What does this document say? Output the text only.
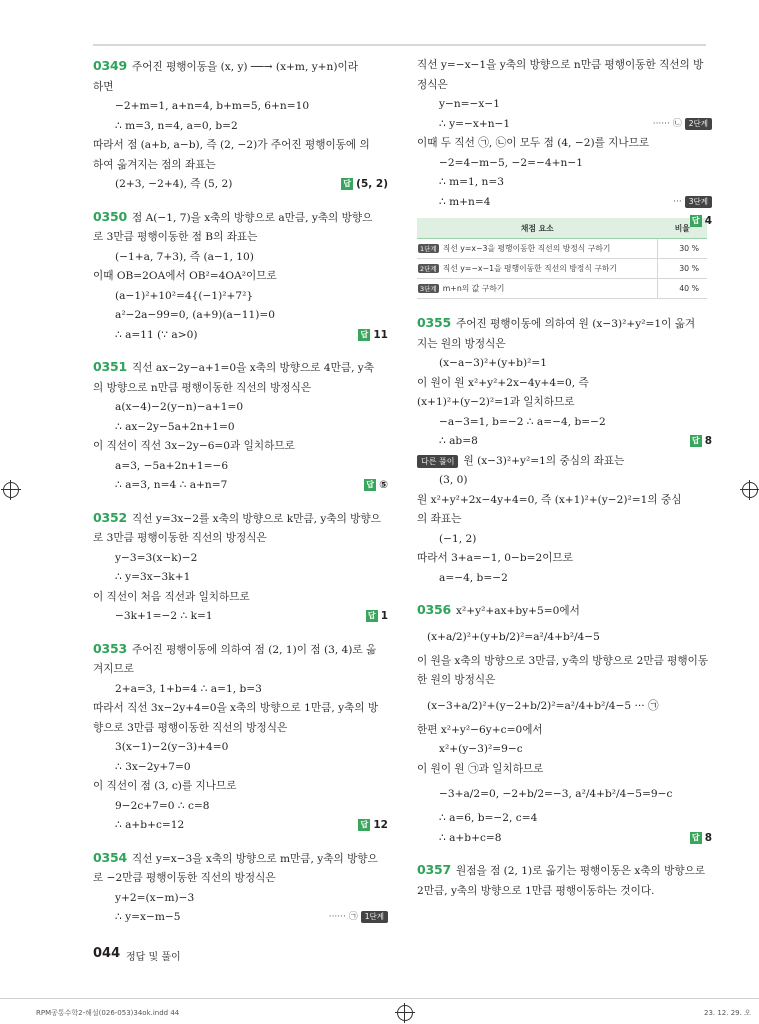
0349 주어진 평행이동을 (x, y) ──→ (x+m, y+n)이라
하면
−2+m=1, a+n=4, b+m=5, 6+n=10
∴ m=3, n=4, a=0, b=2
따라서 점 (a+b, a−b), 즉 (2, −2)가 주어진 평행이동에 의
하여 옮겨지는 점의 좌표는
(2+3, −2+4), 즉 (5, 2)	답 (5, 2)
0350 점 A(−1, 7)을 x축의 방향으로 a만큼, y축의 방향으
로 3만큼 평행이동한 점 B의 좌표는
(−1+a, 7+3), 즉 (a−1, 10)
이때 OB=2OA에서 OB²=4OA²이므로
(a−1)²+10²=4{(−1)²+7²}
a²−2a−99=0, (a+9)(a−11)=0
∴ a=11 (∵ a>0)	답 11
0351 직선 ax−2y−a+1=0을 x축의 방향으로 4만큼, y축
의 방향으로 n만큼 평행이동한 직선의 방정식은
a(x−4)−2(y−n)−a+1=0
∴ ax−2y−5a+2n+1=0
이 직선이 직선 3x−2y−6=0과 일치하므로
a=3, −5a+2n+1=−6
∴ a=3, n=4 ∴ a+n=7	답 ⑤
0352 직선 y=3x−2를 x축의 방향으로 k만큼, y축의 방향으
로 3만큼 평행이동한 직선의 방정식은
y−3=3(x−k)−2
∴ y=3x−3k+1
이 직선이 처음 직선과 일치하므로
−3k+1=−2 ∴ k=1	답 1
0353 주어진 평행이동에 의하여 점 (2, 1)이 점 (3, 4)로 옮
겨지므로
2+a=3, 1+b=4 ∴ a=1, b=3
따라서 직선 3x−2y+4=0을 x축의 방향으로 1만큼, y축의 방
향으로 3만큼 평행이동한 직선의 방정식은
3(x−1)−2(y−3)+4=0
∴ 3x−2y+7=0
이 직선이 점 (3, c)를 지나므로
9−2c+7=0 ∴ c=8
∴ a+b+c=12	답 12
0354 직선 y=x−3을 x축의 방향으로 m만큼, y축의 방향으
로 −2만큼 평행이동한 직선의 방정식은
y+2=(x−m)−3
∴ y=x−m−5	······ ㉠ 1단계
직선 y=−x−1을 y축의 방향으로 n만큼 평행이동한 직선의 방
정식은
y−n=−x−1
∴ y=−x+n−1	······ ㉡ 2단계
이때 두 직선 ㉠, ㉡이 모두 점 (4, −2)를 지나므로
−2=4−m−5, −2=−4+n−1
∴ m=1, n=3
∴ m+n=4	··· 3단계
답 4
채점 요소	비율
1단계 직선 y=x−3을 평행이동한 직선의 방정식 구하기	30 %
2단계 직선 y=−x−1을 평행이동한 직선의 방정식 구하기	30 %
3단계 m+n의 값 구하기	40 %
0355 주어진 평행이동에 의하여 원 (x−3)²+y²=1이 옮겨
지는 원의 방정식은
(x−a−3)²+(y+b)²=1
이 원이 원 x²+y²+2x−4y+4=0, 즉
(x+1)²+(y−2)²=1과 일치하므로
−a−3=1, b=−2 ∴ a=−4, b=−2
∴ ab=8	답 8
다른 풀이 원 (x−3)²+y²=1의 중심의 좌표는
(3, 0)
원 x²+y²+2x−4y+4=0, 즉 (x+1)²+(y−2)²=1의 중심
의 좌표는
(−1, 2)
따라서 3+a=−1, 0−b=2이므로
a=−4, b=−2
0356 x²+y²+ax+by+5=0에서
(x+a/2)²+(y+b/2)²=a²/4+b²/4−5
이 원을 x축의 방향으로 3만큼, y축의 방향으로 2만큼 평행이동
한 원의 방정식은
(x−3+a/2)²+(y−2+b/2)²=a²/4+b²/4−5 ··· ㉠
한편 x²+y²−6y+c=0에서
x²+(y−3)²=9−c
이 원이 원 ㉠과 일치하므로
−3+a/2=0, −2+b/2=−3, a²/4+b²/4−5=9−c
∴ a=6, b=−2, c=4
∴ a+b+c=8	답 8
0357 원점을 점 (2, 1)로 옮기는 평행이동은 x축의 방향으로
2만큼, y축의 방향으로 1만큼 평행이동하는 것이다.
044 정답 및 풀이
RPM공통수학2-해설(026-053)34ok.indd 44	23. 12. 29. 오
